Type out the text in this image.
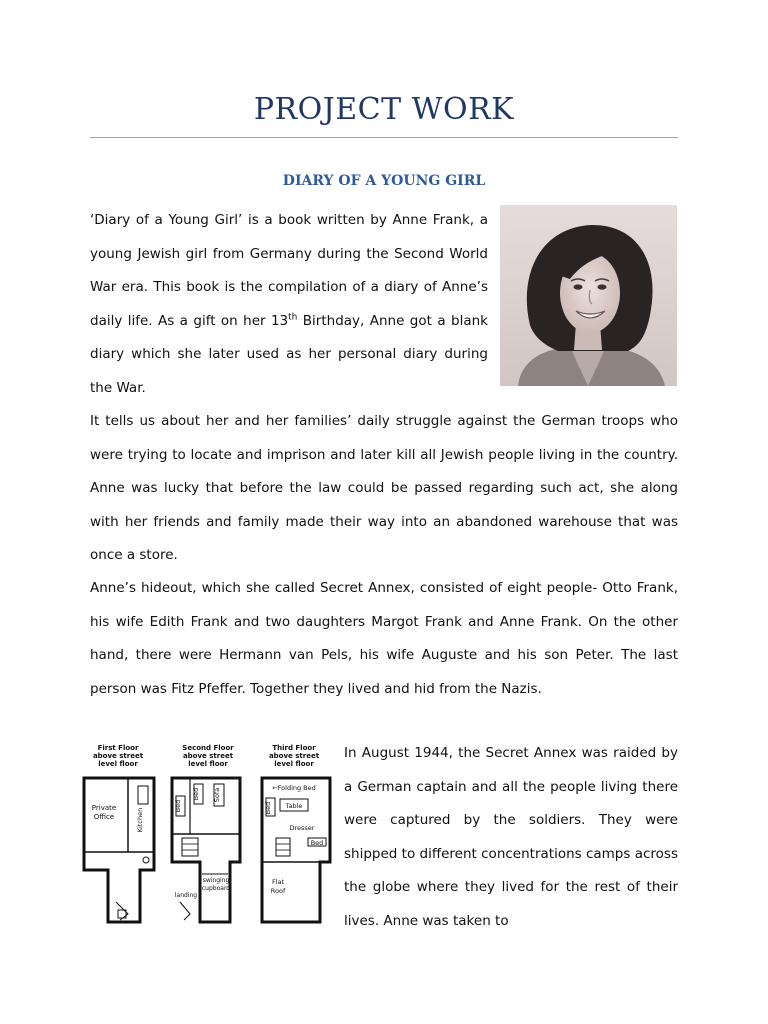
PROJECT WORK
DIARY OF A YOUNG GIRL

‘Diary of a Young Girl’ is a book written by Anne Frank, a young Jewish girl from Germany during the Second World War era. This book is the compilation of a diary of Anne’s daily life. As a gift on her 13th Birthday, Anne got a blank diary which she later used as her personal diary during the War.

It tells us about her and her families’ daily struggle against the German troops who were trying to locate and imprison and later kill all Jewish people living in the country. Anne was lucky that before the law could be passed regarding such act, she along with her friends and family made their way into an abandoned warehouse that was once a store.

Anne’s hideout, which she called Secret Annex, consisted of eight people- Otto Frank, his wife Edith Frank and two daughters Margot Frank and Anne Frank. On the other hand, there were Hermann van Pels, his wife Auguste and his son Peter. The last person was Fitz Pfeffer. Together they lived and hid from the Nazis.

First Floor
above street
level floor
Second Floor
above street
level floor
Third Floor
above street
level floor
Private
Office	Kitchen
Bed
Bed Sofa
swinging
cupboard
landing
←Folding Bed
Table
Bed
Dresser
Bed
Flat
Roof

In August 1944, the Secret Annex was raided by a German captain and all the people living there were captured by the soldiers. They were shipped to different concentrations camps across the globe where they lived for the rest of their lives. Anne was taken to
